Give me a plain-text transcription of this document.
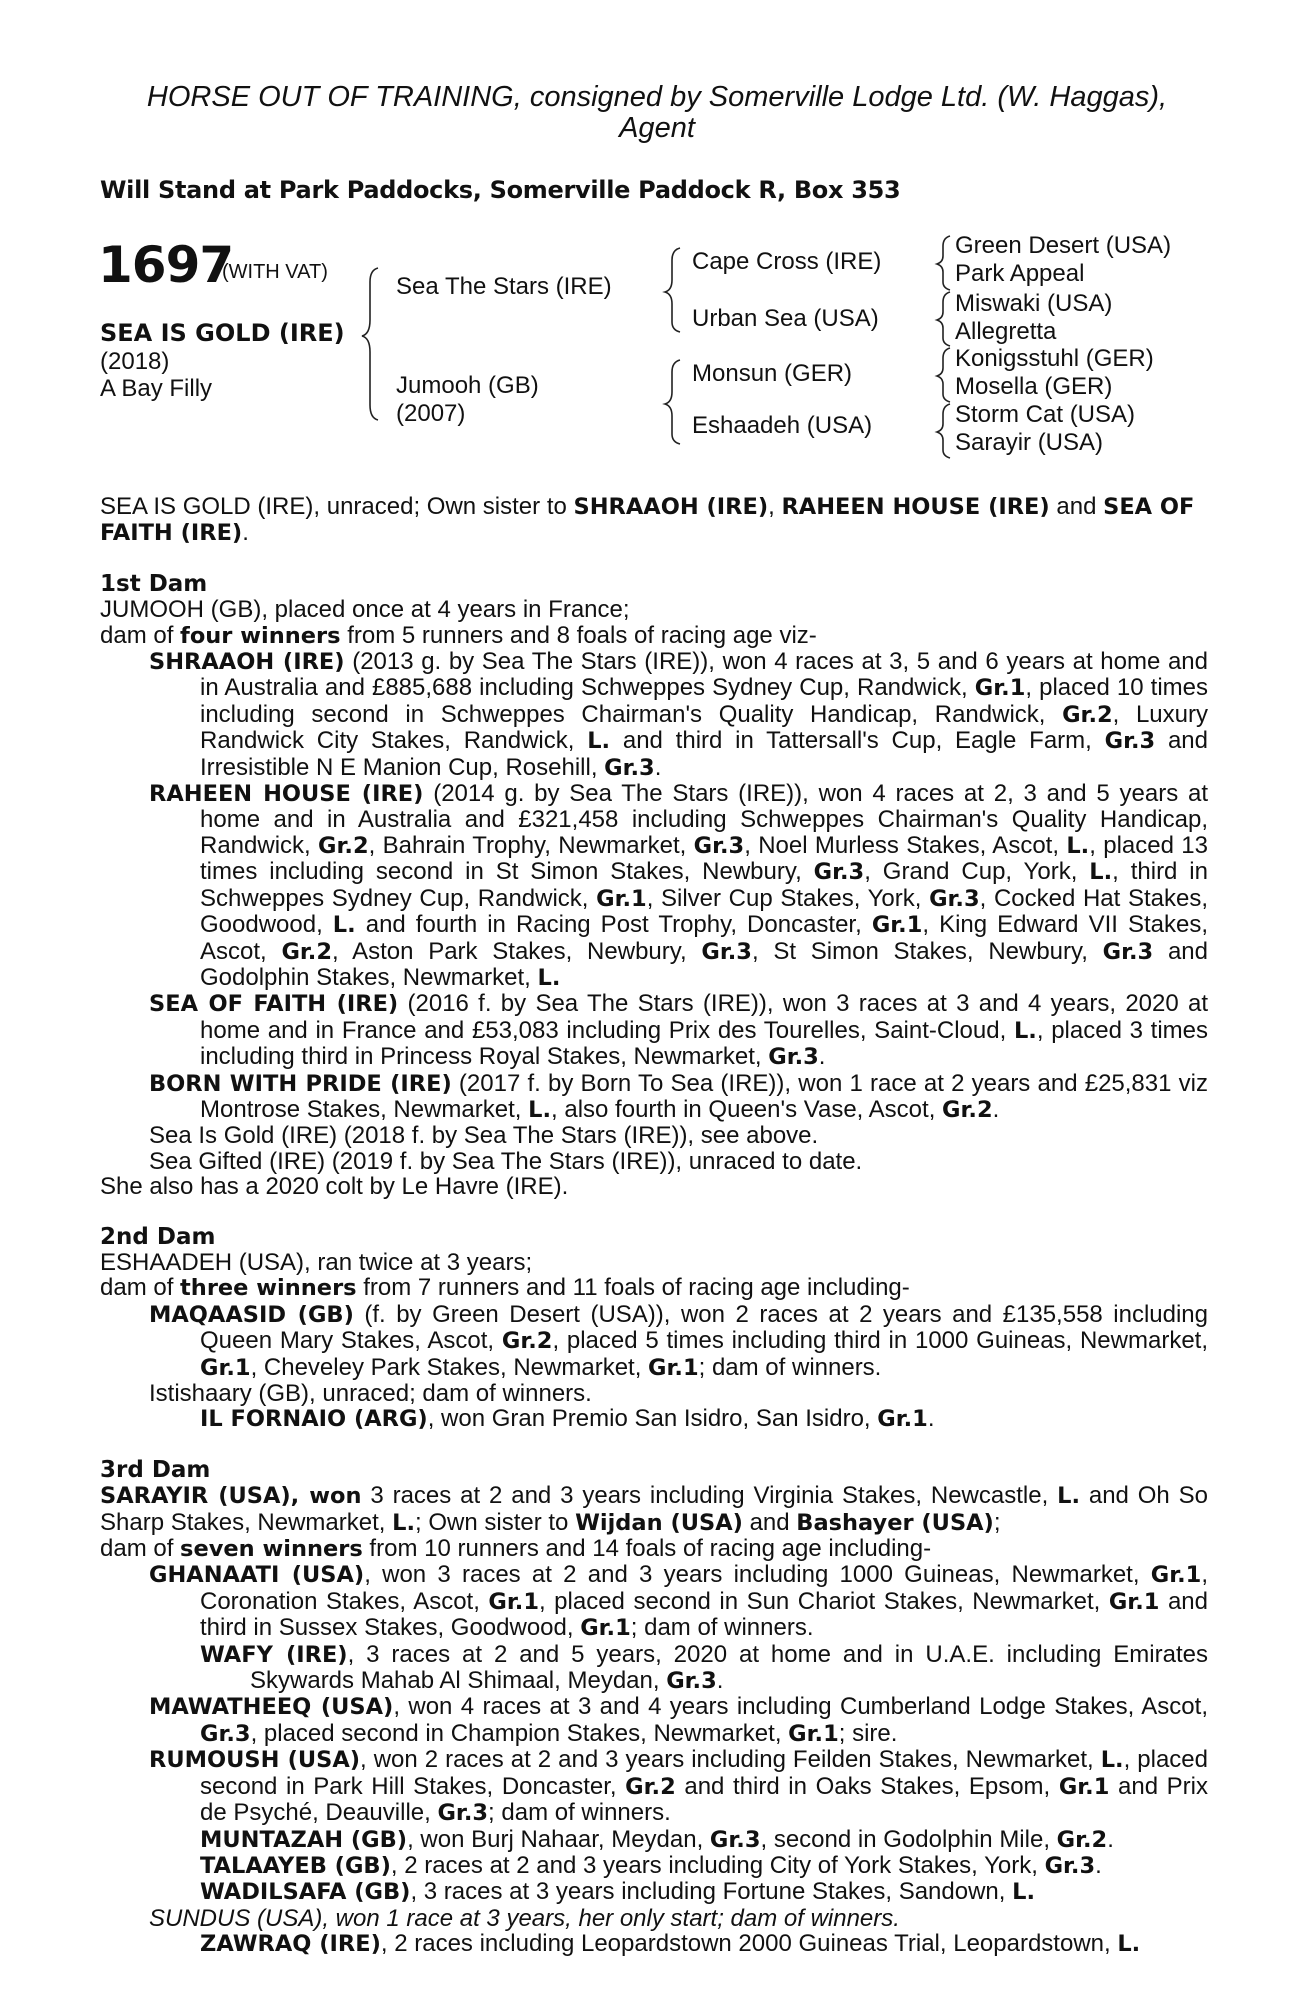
HORSE OUT OF TRAINING, consigned by Somerville Lodge Ltd. (W. Haggas),
Agent
Will Stand at Park Paddocks, Somerville Paddock R, Box 353
1697
(WITH VAT)
SEA IS GOLD (IRE)
(2018)
A Bay Filly
Sea The Stars (IRE)
Jumooh (GB)
(2007)
Cape Cross (IRE)
Urban Sea (USA)
Monsun (GER)
Eshaadeh (USA)
Green Desert (USA)
Park Appeal
Miswaki (USA)
Allegretta
Konigsstuhl (GER)
Mosella (GER)
Storm Cat (USA)
Sarayir (USA)

SEA IS GOLD (IRE), unraced; Own sister to SHRAAOH (IRE), RAHEEN HOUSE (IRE) and SEA OF FAITH (IRE).

1st Dam

JUMOOH (GB), placed once at 4 years in France;

dam of four winners from 5 runners and 8 foals of racing age viz-

SHRAAOH (IRE) (2013 g. by Sea The Stars (IRE)), won 4 races at 3, 5 and 6 years at home and in Australia and £885,688 including Schweppes Sydney Cup, Randwick, Gr.1, placed 10 times including second in Schweppes Chairman's Quality Handicap, Randwick, Gr.2, Luxury Randwick City Stakes, Randwick, L. and third in Tattersall's Cup, Eagle Farm, Gr.3 and Irresistible N E Manion Cup, Rosehill, Gr.3.

RAHEEN HOUSE (IRE) (2014 g. by Sea The Stars (IRE)), won 4 races at 2, 3 and 5 years at home and in Australia and £321,458 including Schweppes Chairman's Quality Handicap, Randwick, Gr.2, Bahrain Trophy, Newmarket, Gr.3, Noel Murless Stakes, Ascot, L., placed 13 times including second in St Simon Stakes, Newbury, Gr.3, Grand Cup, York, L., third in Schweppes Sydney Cup, Randwick, Gr.1, Silver Cup Stakes, York, Gr.3, Cocked Hat Stakes, Goodwood, L. and fourth in Racing Post Trophy, Doncaster, Gr.1, King Edward VII Stakes, Ascot, Gr.2, Aston Park Stakes, Newbury, Gr.3, St Simon Stakes, Newbury, Gr.3 and Godolphin Stakes, Newmarket, L.

SEA OF FAITH (IRE) (2016 f. by Sea The Stars (IRE)), won 3 races at 3 and 4 years, 2020 at home and in France and £53,083 including Prix des Tourelles, Saint-Cloud, L., placed 3 times including third in Princess Royal Stakes, Newmarket, Gr.3.

BORN WITH PRIDE (IRE) (2017 f. by Born To Sea (IRE)), won 1 race at 2 years and £25,831 viz Montrose Stakes, Newmarket, L., also fourth in Queen's Vase, Ascot, Gr.2.

Sea Is Gold (IRE) (2018 f. by Sea The Stars (IRE)), see above.

Sea Gifted (IRE) (2019 f. by Sea The Stars (IRE)), unraced to date.

She also has a 2020 colt by Le Havre (IRE).

2nd Dam

ESHAADEH (USA), ran twice at 3 years;

dam of three winners from 7 runners and 11 foals of racing age including-

MAQAASID (GB) (f. by Green Desert (USA)), won 2 races at 2 years and £135,558 including Queen Mary Stakes, Ascot, Gr.2, placed 5 times including third in 1000 Guineas, Newmarket, Gr.1, Cheveley Park Stakes, Newmarket, Gr.1; dam of winners.

Istishaary (GB), unraced; dam of winners.

IL FORNAIO (ARG), won Gran Premio San Isidro, San Isidro, Gr.1.

3rd Dam

SARAYIR (USA), won 3 races at 2 and 3 years including Virginia Stakes, Newcastle, L. and Oh So Sharp Stakes, Newmarket, L.; Own sister to Wijdan (USA) and Bashayer (USA);

dam of seven winners from 10 runners and 14 foals of racing age including-

GHANAATI (USA), won 3 races at 2 and 3 years including 1000 Guineas, Newmarket, Gr.1, Coronation Stakes, Ascot, Gr.1, placed second in Sun Chariot Stakes, Newmarket, Gr.1 and third in Sussex Stakes, Goodwood, Gr.1; dam of winners.

WAFY (IRE), 3 races at 2 and 5 years, 2020 at home and in U.A.E. including Emirates Skywards Mahab Al Shimaal, Meydan, Gr.3.

MAWATHEEQ (USA), won 4 races at 3 and 4 years including Cumberland Lodge Stakes, Ascot, Gr.3, placed second in Champion Stakes, Newmarket, Gr.1; sire.

RUMOUSH (USA), won 2 races at 2 and 3 years including Feilden Stakes, Newmarket, L., placed second in Park Hill Stakes, Doncaster, Gr.2 and third in Oaks Stakes, Epsom, Gr.1 and Prix de Psyché, Deauville, Gr.3; dam of winners.

MUNTAZAH (GB), won Burj Nahaar, Meydan, Gr.3, second in Godolphin Mile, Gr.2.

TALAAYEB (GB), 2 races at 2 and 3 years including City of York Stakes, York, Gr.3.

WADILSAFA (GB), 3 races at 3 years including Fortune Stakes, Sandown, L.

SUNDUS (USA), won 1 race at 3 years, her only start; dam of winners.

ZAWRAQ (IRE), 2 races including Leopardstown 2000 Guineas Trial, Leopardstown, L.
